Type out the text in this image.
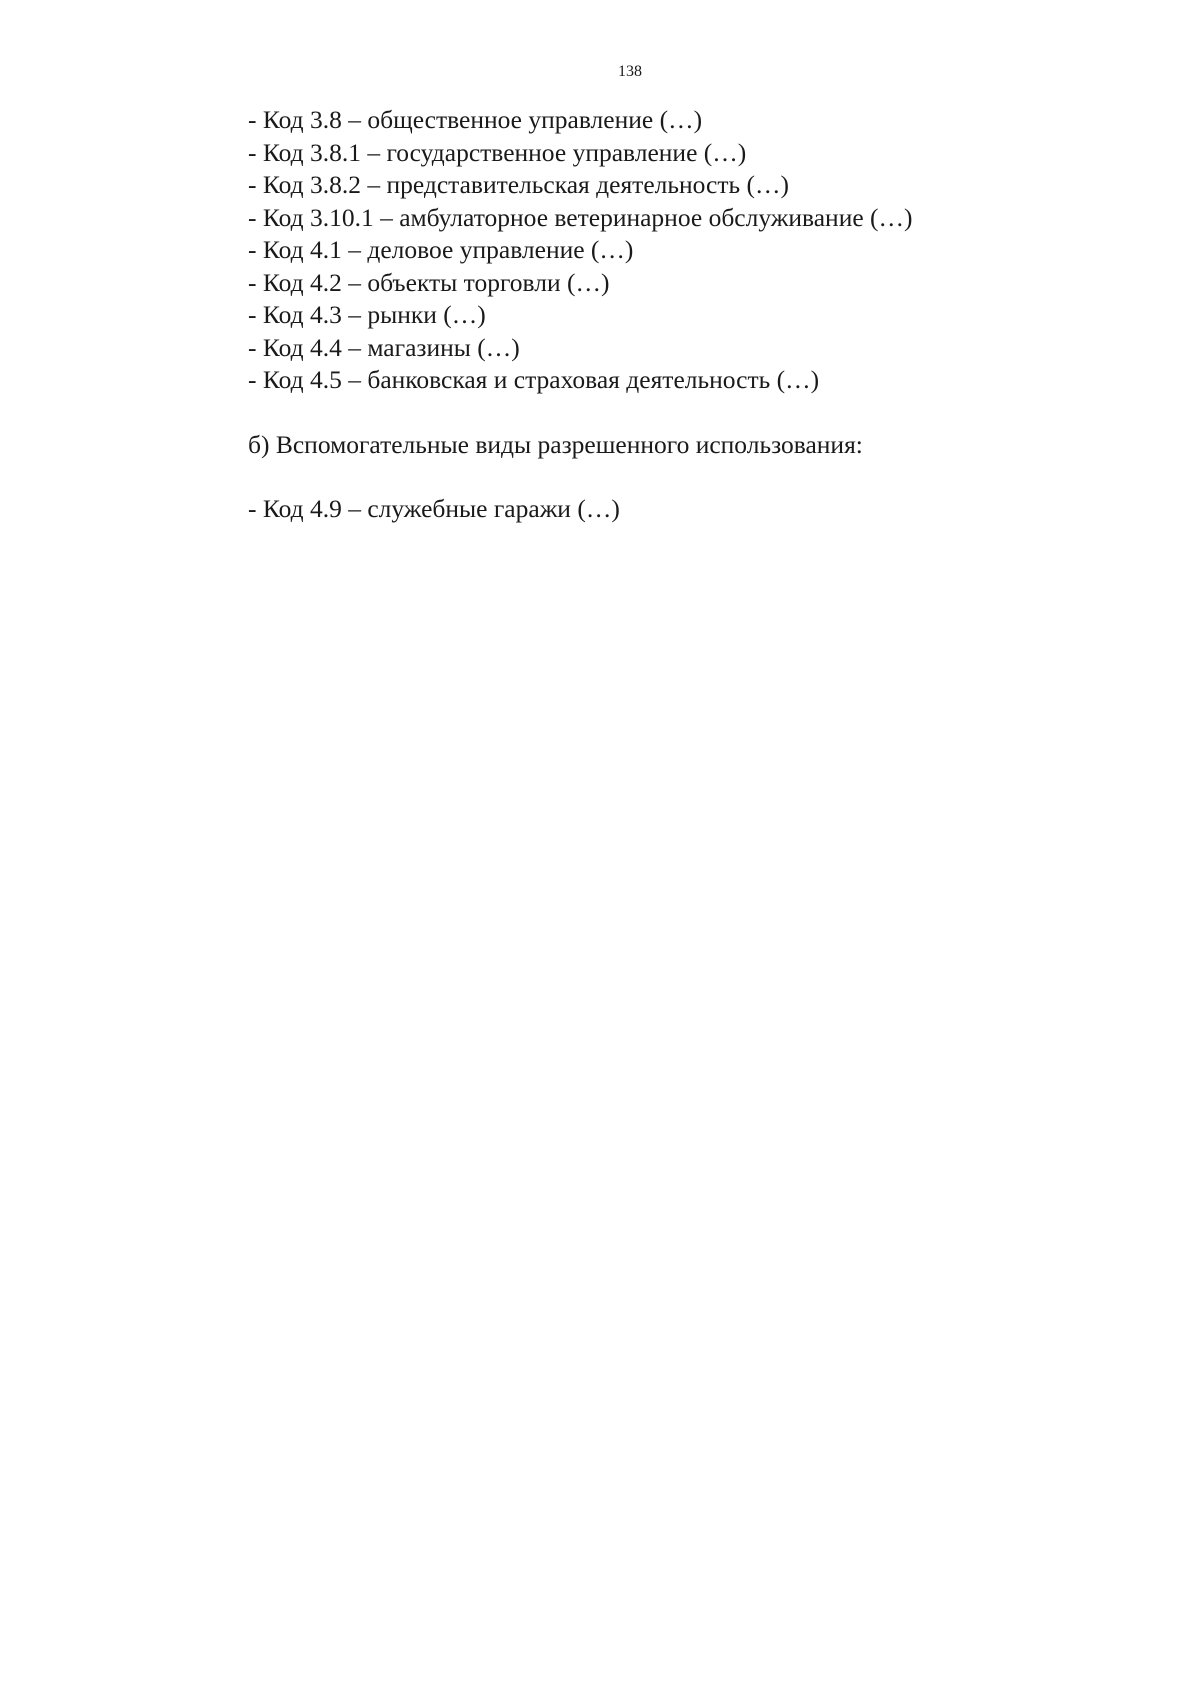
138

- Код 3.8 – общественное управление (…)

- Код 3.8.1 – государственное управление (…)

- Код 3.8.2 – представительская деятельность (…)

- Код 3.10.1 – амбулаторное ветеринарное обслуживание (…)

- Код 4.1 – деловое управление (…)

- Код 4.2 – объекты торговли (…)

- Код 4.3 – рынки (…)

- Код 4.4 – магазины (…)

- Код 4.5 – банковская и страховая деятельность (…)

б) Вспомогательные виды разрешенного использования:

- Код 4.9 – служебные гаражи (…)
